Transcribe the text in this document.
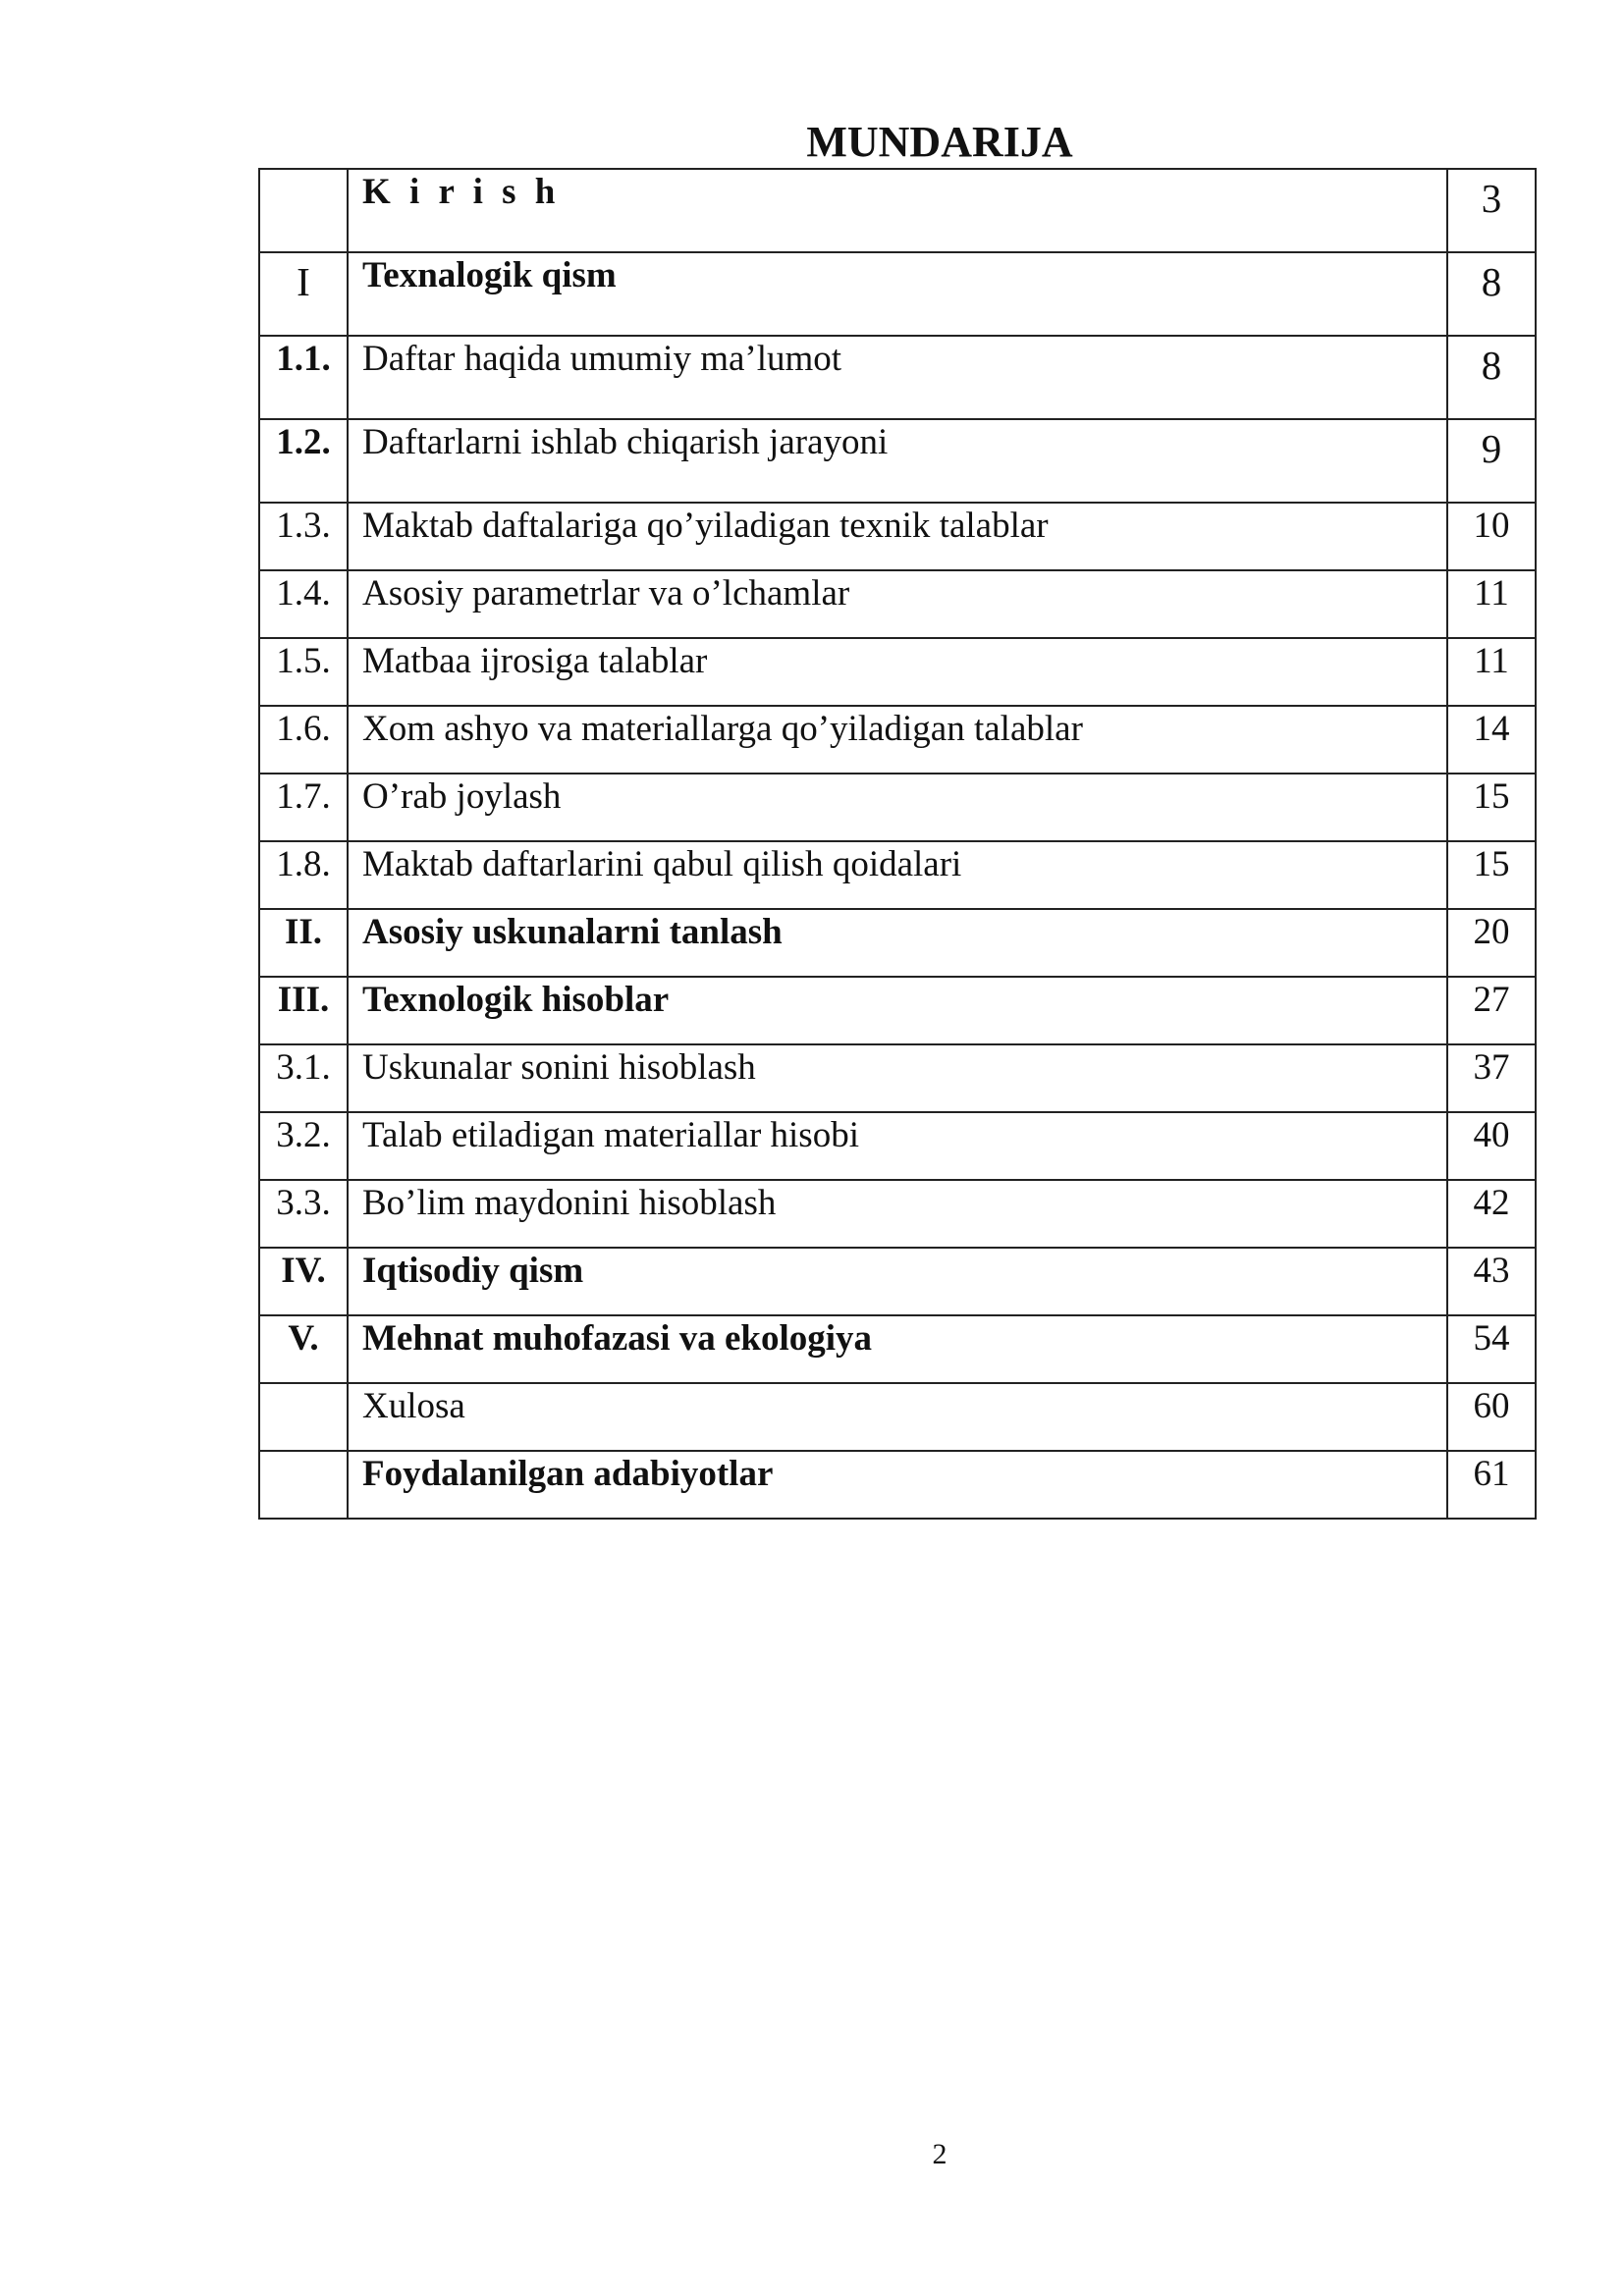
MUNDARIJA
	K i r i s h	3
I	Texnalogik qism	8
1.1.	Daftar haqida umumiy ma’lumot	8
1.2.	Daftarlarni ishlab chiqarish jarayoni	9
1.3.	Maktab daftalariga qo’yiladigan texnik talablar	10
1.4.	Asosiy parametrlar va o’lchamlar	11
1.5.	Matbaa ijrosiga talablar	11
1.6.	Xom ashyo va materiallarga qo’yiladigan talablar	14
1.7.	O’rab joylash	15
1.8.	Maktab daftarlarini qabul qilish qoidalari	15
II.	Asosiy uskunalarni tanlash	20
III.	Texnologik hisoblar	27
3.1.	Uskunalar sonini hisoblash	37
3.2.	Talab etiladigan materiallar hisobi	40
3.3.	Bo’lim maydonini hisoblash	42
IV.	Iqtisodiy qism	43
V.	Mehnat muhofazasi va ekologiya	54
	Xulosa	60
	Foydalanilgan adabiyotlar	61
2
